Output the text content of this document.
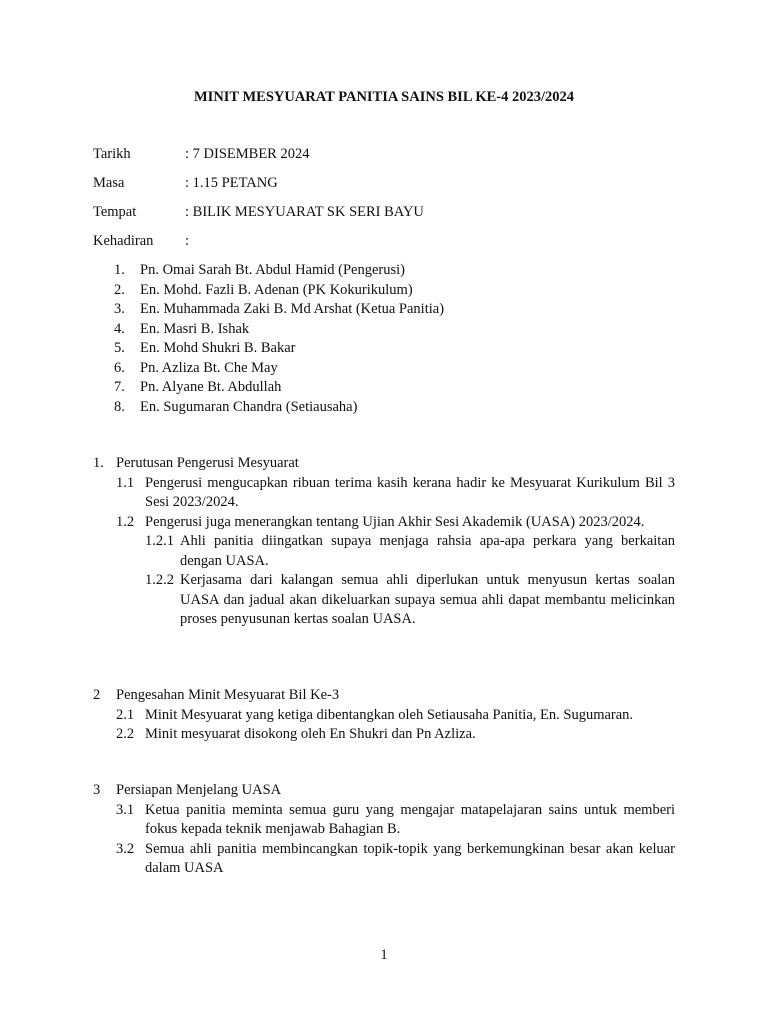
MINIT MESYUARAT PANITIA SAINS BIL KE-4 2023/2024
Tarikh	: 7 DISEMBER 2024
Masa	: 1.15 PETANG
Tempat	: BILIK MESYUARAT SK SERI BAYU
Kehadiran :
1. Pn. Omai Sarah Bt. Abdul Hamid (Pengerusi)
2. En. Mohd. Fazli B. Adenan (PK Kokurikulum)
3. En. Muhammada Zaki B. Md Arshat (Ketua Panitia)
4. En. Masri B. Ishak
5. En. Mohd Shukri B. Bakar
6. Pn. Azliza Bt. Che May
7. Pn. Alyane Bt. Abdullah
8. En. Sugumaran Chandra (Setiausaha)
1. Perutusan Pengerusi Mesyuarat
1.1 Pengerusi mengucapkan ribuan terima kasih kerana hadir ke Mesyuarat Kurikulum Bil 3 Sesi 2023/2024.
1.2 Pengerusi juga menerangkan tentang Ujian Akhir Sesi Akademik (UASA) 2023/2024.
1.2.1 Ahli panitia diingatkan supaya menjaga rahsia apa-apa perkara yang berkaitan dengan UASA.
1.2.2 Kerjasama dari kalangan semua ahli diperlukan untuk menyusun kertas soalan UASA dan jadual akan dikeluarkan supaya semua ahli dapat membantu melicinkan proses penyusunan kertas soalan UASA.
2	Pengesahan Minit Mesyuarat Bil Ke-3
2.1 Minit Mesyuarat yang ketiga dibentangkan oleh Setiausaha Panitia, En. Sugumaran.
2.2 Minit mesyuarat disokong oleh En Shukri dan Pn Azliza.
3	Persiapan Menjelang UASA
3.1 Ketua panitia meminta semua guru yang mengajar matapelajaran sains untuk memberi fokus kepada teknik menjawab Bahagian B.
3.2 Semua ahli panitia membincangkan topik-topik yang berkemungkinan besar akan keluar dalam UASA
1
